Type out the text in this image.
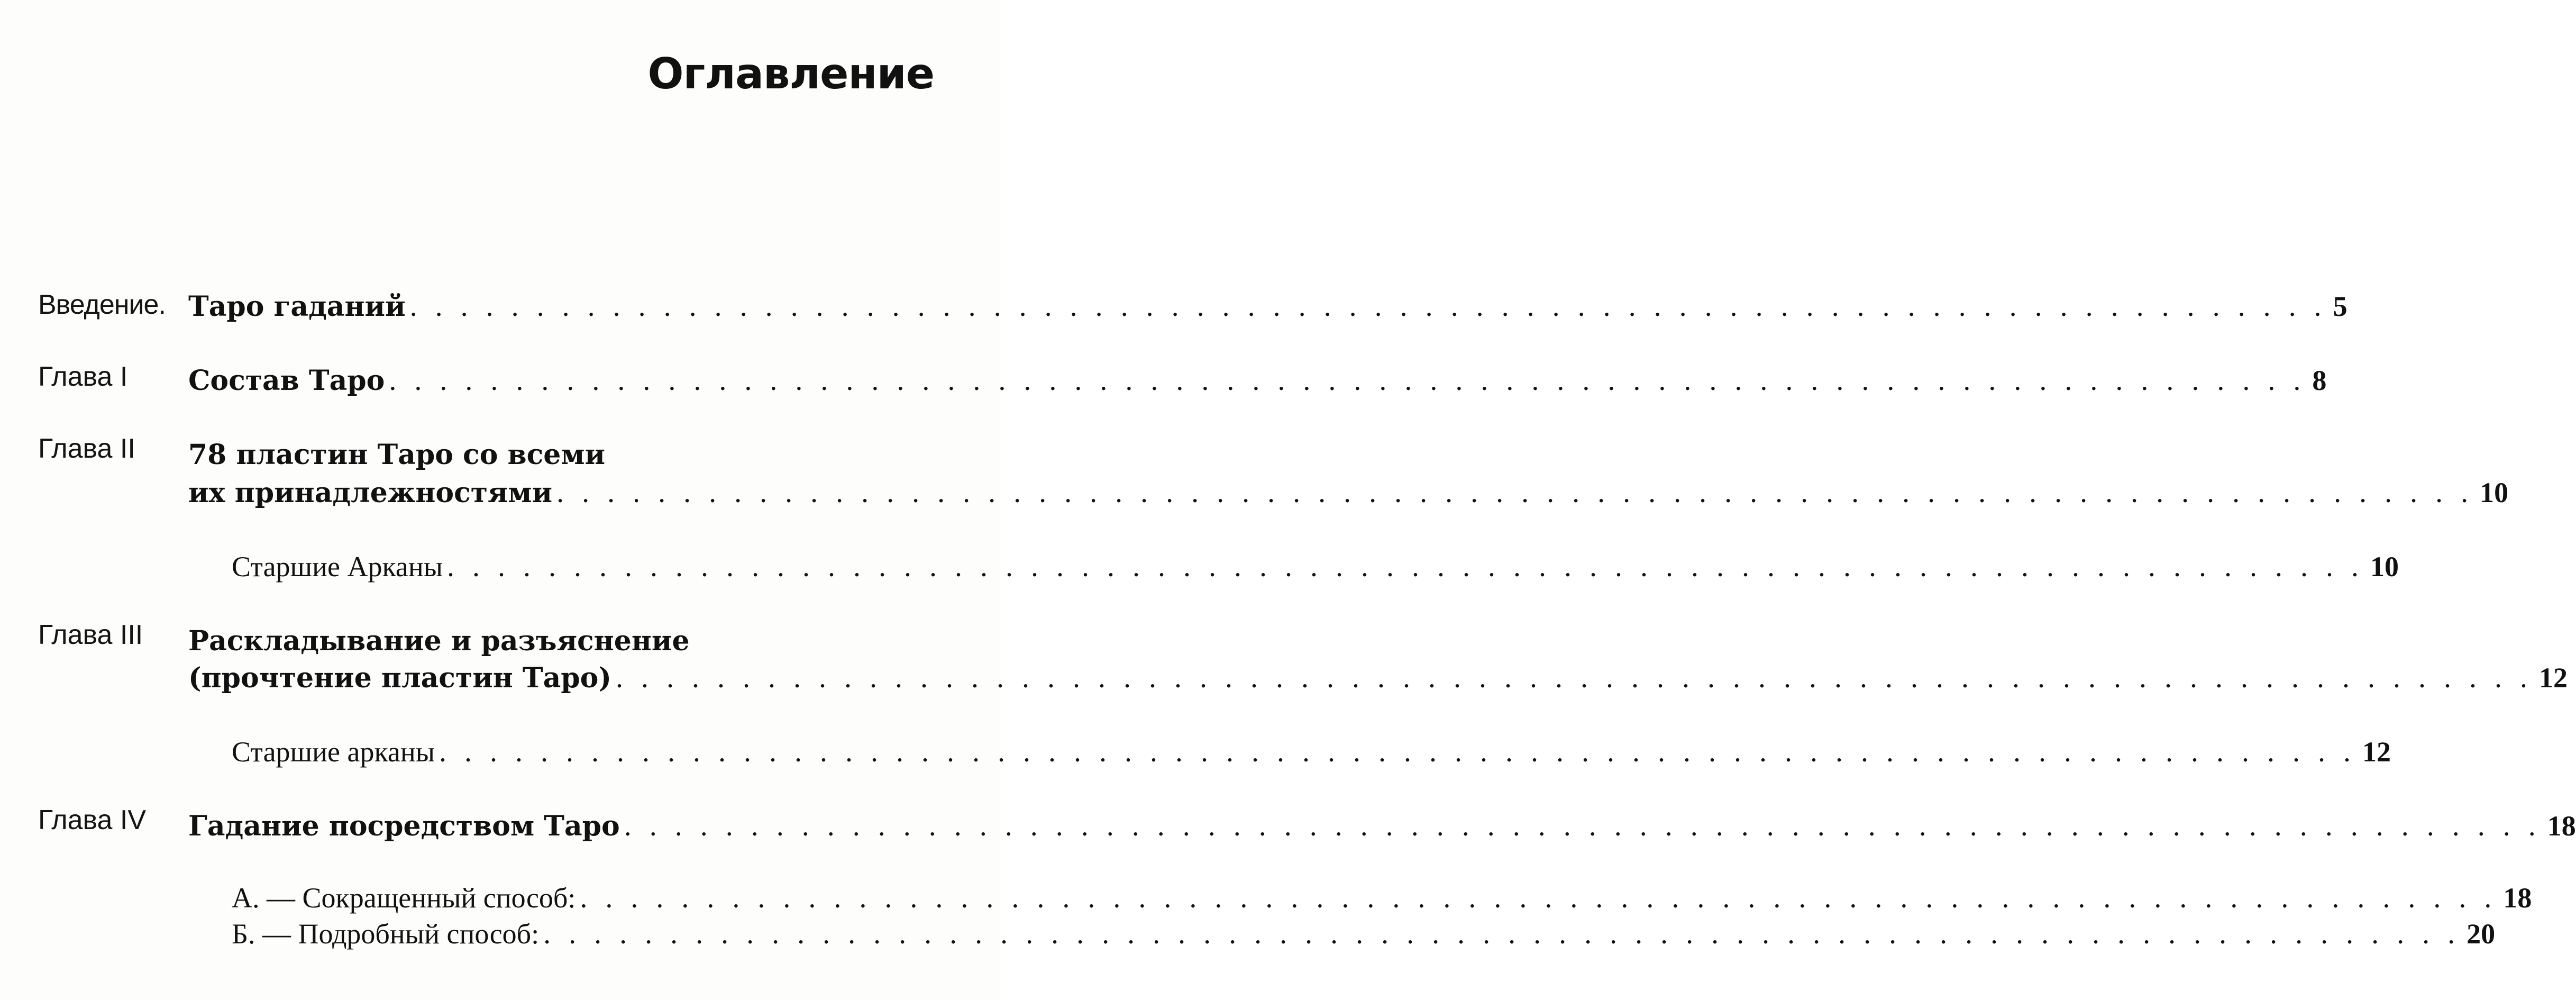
Оглавление
Введение. Таро гаданий . . . . . . . . . . . . . . . . . . . . . . . . . . . . . . . . . . . . . . . . . . . . . . . . . . . . . . . . . . . . . . . . . . . . . . . . . . . . 5
Глава I Состав Таро . . . . . . . . . . . . . . . . . . . . . . . . . . . . . . . . . . . . . . . . . . . . . . . . . . . . . . . . . . . . . . . . . . . . . . . . . . . . 8
Глава II 78 пластин Таро со всеми
их принадлежностями . . . . . . . . . . . . . . . . . . . . . . . . . . . . . . . . . . . . . . . . . . . . . . . . . . . . . . . . . . . . . . . . . . . . . . . . . . . . 10
Старшие Арканы . . . . . . . . . . . . . . . . . . . . . . . . . . . . . . . . . . . . . . . . . . . . . . . . . . . . . . . . . . . . . . . . . . . . . . . . . . . . 10
Глава III Раскладывание и разъяснение
(прочтение пластин Таро) . . . . . . . . . . . . . . . . . . . . . . . . . . . . . . . . . . . . . . . . . . . . . . . . . . . . . . . . . . . . . . . . . . . . . . . . . . . . 12
Старшие арканы . . . . . . . . . . . . . . . . . . . . . . . . . . . . . . . . . . . . . . . . . . . . . . . . . . . . . . . . . . . . . . . . . . . . . . . . . . . . 12
Глава IV Гадание посредством Таро . . . . . . . . . . . . . . . . . . . . . . . . . . . . . . . . . . . . . . . . . . . . . . . . . . . . . . . . . . . . . . . . . . . . . . . . . . . . 18
А. — Сокращенный способ: . . . . . . . . . . . . . . . . . . . . . . . . . . . . . . . . . . . . . . . . . . . . . . . . . . . . . . . . . . . . . . . . . . . . . . . . . . . . 18
Б. — Подробный способ: . . . . . . . . . . . . . . . . . . . . . . . . . . . . . . . . . . . . . . . . . . . . . . . . . . . . . . . . . . . . . . . . . . . . . . . . . . . . 20
